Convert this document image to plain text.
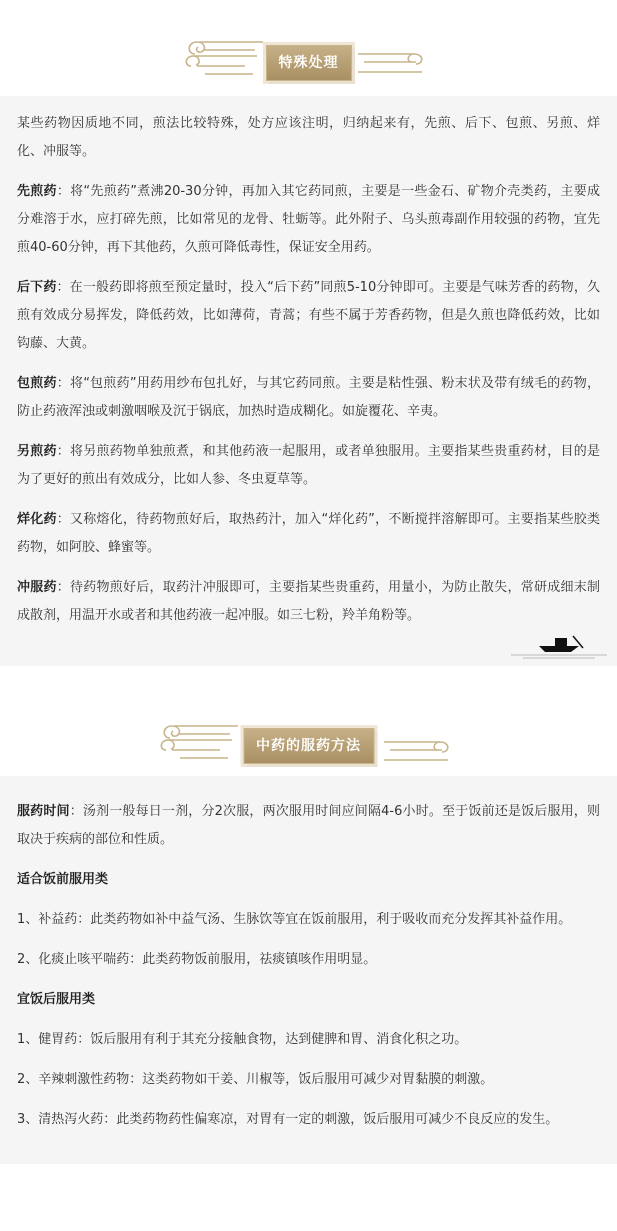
特殊处理

某些药物因质地不同，煎法比较特殊，处方应该注明，归纳起来有，先煎、后下、包煎、另煎、烊化、冲服等。

先煎药：将“先煎药”煮沸20-30分钟，再加入其它药同煎，主要是一些金石、矿物介壳类药，主要成分难溶于水，应打碎先煎，比如常见的龙骨、牡蛎等。此外附子、乌头煎毒副作用较强的药物，宜先煎40-60分钟，再下其他药，久煎可降低毒性，保证安全用药。

后下药：在一般药即将煎至预定量时，投入“后下药”同煎5-10分钟即可。主要是气味芳香的药物，久煎有效成分易挥发，降低药效，比如薄荷，青蒿；有些不属于芳香药物，但是久煎也降低药效，比如钩藤、大黄。

包煎药：将“包煎药”用药用纱布包扎好，与其它药同煎。主要是粘性强、粉末状及带有绒毛的药物，防止药液浑浊或刺激咽喉及沉于锅底，加热时造成糊化。如旋覆花、辛夷。

另煎药：将另煎药物单独煎煮，和其他药液一起服用，或者单独服用。主要指某些贵重药材，目的是为了更好的煎出有效成分，比如人参、冬虫夏草等。

烊化药：又称熔化，待药物煎好后，取热药汁，加入“烊化药”，不断搅拌溶解即可。主要指某些胶类药物，如阿胶、蜂蜜等。

冲服药：待药物煎好后，取药汁冲服即可，主要指某些贵重药，用量小，为防止散失，常研成细末制成散剂，用温开水或者和其他药液一起冲服。如三七粉，羚羊角粉等。

中药的服药方法

服药时间：汤剂一般每日一剂，分2次服，两次服用时间应间隔4-6小时。至于饭前还是饭后服用，则取决于疾病的部位和性质。

适合饭前服用类

1、补益药：此类药物如补中益气汤、生脉饮等宜在饭前服用，利于吸收而充分发挥其补益作用。

2、化痰止咳平喘药：此类药物饭前服用，祛痰镇咳作用明显。

宜饭后服用类

1、健胃药：饭后服用有利于其充分接触食物，达到健脾和胃、消食化积之功。

2、辛辣刺激性药物：这类药物如干姜、川椒等，饭后服用可减少对胃黏膜的刺激。

3、清热泻火药：此类药物药性偏寒凉，对胃有一定的刺激，饭后服用可减少不良反应的发生。
